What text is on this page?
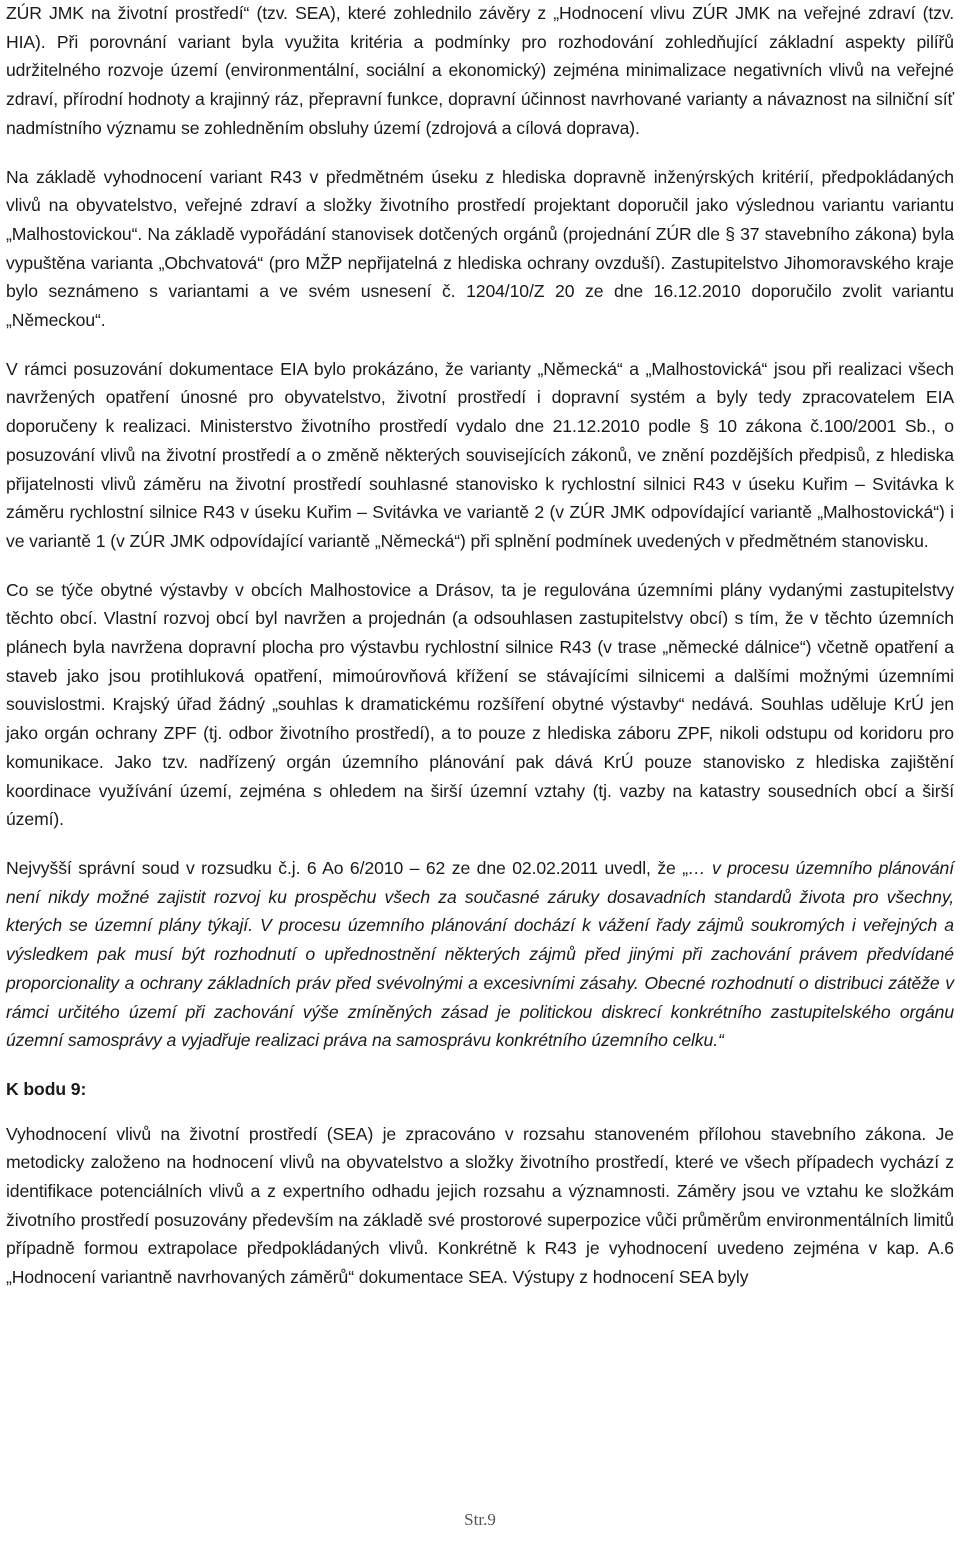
ZÚR JMK na životní prostředí“ (tzv. SEA), které zohlednilo závěry z „Hodnocení vlivu ZÚR JMK na veřejné zdraví (tzv. HIA). Při porovnání variant byla využita kritéria a podmínky pro rozhodování zohledňující základní aspekty pilířů udržitelného rozvoje území (environmentální, sociální a ekonomický) zejména minimalizace negativních vlivů na veřejné zdraví, přírodní hodnoty a krajinný ráz, přepravní funkce, dopravní účinnost navrhované varianty a návaznost na silniční síť nadmístního významu se zohledněním obsluhy území (zdrojová a cílová doprava).

Na základě vyhodnocení variant R43 v předmětném úseku z hlediska dopravně inženýrských kritérií, předpokládaných vlivů na obyvatelstvo, veřejné zdraví a složky životního prostředí projektant doporučil jako výslednou variantu variantu „Malhostovickou“. Na základě vypořádání stanovisek dotčených orgánů (projednání ZÚR dle § 37 stavebního zákona) byla vypuštěna varianta „Obchvatová“ (pro MŽP nepřijatelná z hlediska ochrany ovzduší). Zastupitelstvo Jihomoravského kraje bylo seznámeno s variantami a ve svém usnesení č. 1204/10/Z 20 ze dne 16.12.2010 doporučilo zvolit variantu „Německou“.

V rámci posuzování dokumentace EIA bylo prokázáno, že varianty „Německá“ a „Malhostovická“ jsou při realizaci všech navržených opatření únosné pro obyvatelstvo, životní prostředí i dopravní systém a byly tedy zpracovatelem EIA doporučeny k realizaci. Ministerstvo životního prostředí vydalo dne 21.12.2010 podle § 10 zákona č.100/2001 Sb., o posuzování vlivů na životní prostředí a o změně některých souvisejících zákonů, ve znění pozdějších předpisů, z hlediska přijatelnosti vlivů záměru na životní prostředí souhlasné stanovisko k rychlostní silnici R43 v úseku Kuřim – Svitávka k záměru rychlostní silnice R43 v úseku Kuřim – Svitávka ve variantě 2 (v ZÚR JMK odpovídající variantě „Malhostovická“) i ve variantě 1 (v ZÚR JMK odpovídající variantě „Německá“) při splnění podmínek uvedených v předmětném stanovisku.

Co se týče obytné výstavby v obcích Malhostovice a Drásov, ta je regulována územními plány vydanými zastupitelstvy těchto obcí. Vlastní rozvoj obcí byl navržen a projednán (a odsouhlasen zastupitelstvy obcí) s tím, že v těchto územních plánech byla navržena dopravní plocha pro výstavbu rychlostní silnice R43 (v trase „německé dálnice“) včetně opatření a staveb jako jsou protihluková opatření, mimoúrovňová křížení se stávajícími silnicemi a dalšími možnými územními souvislostmi. Krajský úřad žádný „souhlas k dramatickému rozšíření obytné výstavby“ nedává. Souhlas uděluje KrÚ jen jako orgán ochrany ZPF (tj. odbor životního prostředí), a to pouze z hlediska záboru ZPF, nikoli odstupu od koridoru pro komunikace. Jako tzv. nadřízený orgán územního plánování pak dává KrÚ pouze stanovisko z hlediska zajištění koordinace využívání území, zejména s ohledem na širší územní vztahy (tj. vazby na katastry sousedních obcí a širší území).

Nejvyšší správní soud v rozsudku č.j. 6 Ao 6/2010 – 62 ze dne 02.02.2011 uvedl, že „… v procesu územního plánování není nikdy možné zajistit rozvoj ku prospěchu všech za současné záruky dosavadních standardů života pro všechny, kterých se územní plány týkají. V procesu územního plánování dochází k vážení řady zájmů soukromých i veřejných a výsledkem pak musí být rozhodnutí o upřednostnění některých zájmů před jinými při zachování právem předvídané proporcionality a ochrany základních práv před svévolnými a excesivními zásahy. Obecné rozhodnutí o distribuci zátěže v rámci určitého území při zachování výše zmíněných zásad je politickou diskrecí konkrétního zastupitelského orgánu územní samosprávy a vyjadřuje realizaci práva na samosprávu konkrétního územního celku.“

K bodu 9:

Vyhodnocení vlivů na životní prostředí (SEA) je zpracováno v rozsahu stanoveném přílohou stavebního zákona. Je metodicky založeno na hodnocení vlivů na obyvatelstvo a složky životního prostředí, které ve všech případech vychází z identifikace potenciálních vlivů a z expertního odhadu jejich rozsahu a významnosti. Záměry jsou ve vztahu ke složkám životního prostředí posuzovány především na základě své prostorové superpozice vůči průměrům environmentálních limitů případně formou extrapolace předpokládaných vlivů. Konkrétně k R43 je vyhodnocení uvedeno zejména v kap. A.6 „Hodnocení variantně navrhovaných záměrů“ dokumentace SEA. Výstupy z hodnocení SEA byly

Str.9
